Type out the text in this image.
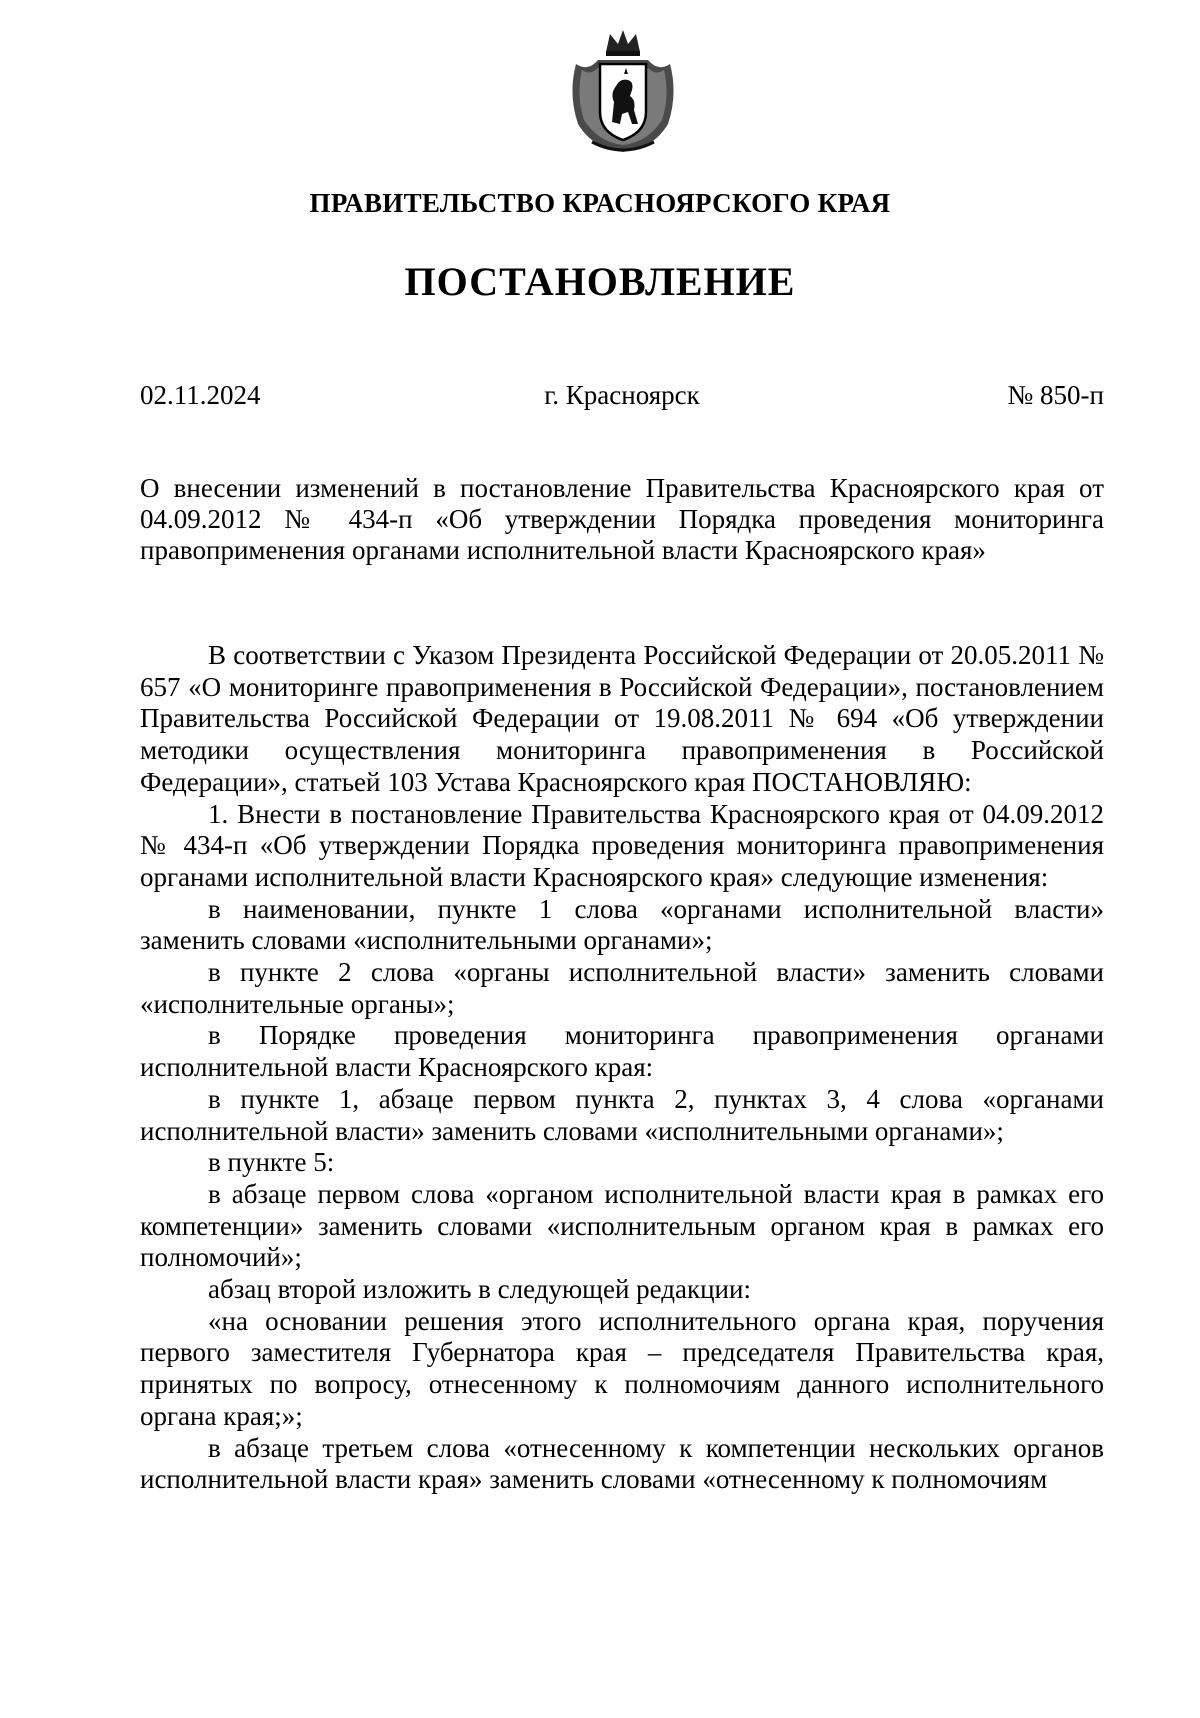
ПРАВИТЕЛЬСТВО КРАСНОЯРСКОГО КРАЯ
ПОСТАНОВЛЕНИЕ
г. Красноярск
02.11.2024	№ 850-п
О внесении изменений в постановление Правительства Красноярского края от 04.09.2012 № 434-п «Об утверждении Порядка проведения мониторинга правоприменения органами исполнительной власти Красноярского края»

В соответствии с Указом Президента Российской Федерации от 20.05.2011 № 657 «О мониторинге правоприменения в Российской Федерации», постановлением Правительства Российской Федерации от 19.08.2011 № 694 «Об утверждении методики осуществления мониторинга правоприменения в Российской Федерации», статьей 103 Устава Красноярского края ПОСТАНОВЛЯЮ:

1. Внести в постановление Правительства Красноярского края от 04.09.2012 № 434-п «Об утверждении Порядка проведения мониторинга правоприменения органами исполнительной власти Красноярского края» следующие изменения:

в наименовании, пункте 1 слова «органами исполнительной власти» заменить словами «исполнительными органами»;

в пункте 2 слова «органы исполнительной власти» заменить словами «исполнительные органы»;

в Порядке проведения мониторинга правоприменения органами исполнительной власти Красноярского края:

в пункте 1, абзаце первом пункта 2, пунктах 3, 4 слова «органами исполнительной власти» заменить словами «исполнительными органами»;

в пункте 5:

в абзаце первом слова «органом исполнительной власти края в рамках его компетенции» заменить словами «исполнительным органом края в рамках его полномочий»;

абзац второй изложить в следующей редакции:

«на основании решения этого исполнительного органа края, поручения первого заместителя Губернатора края – председателя Правительства края, принятых по вопросу, отнесенному к полномочиям данного исполнительного органа края;»;

в абзаце третьем слова «отнесенному к компетенции нескольких органов исполнительной власти края» заменить словами «отнесенному к полномочиям
